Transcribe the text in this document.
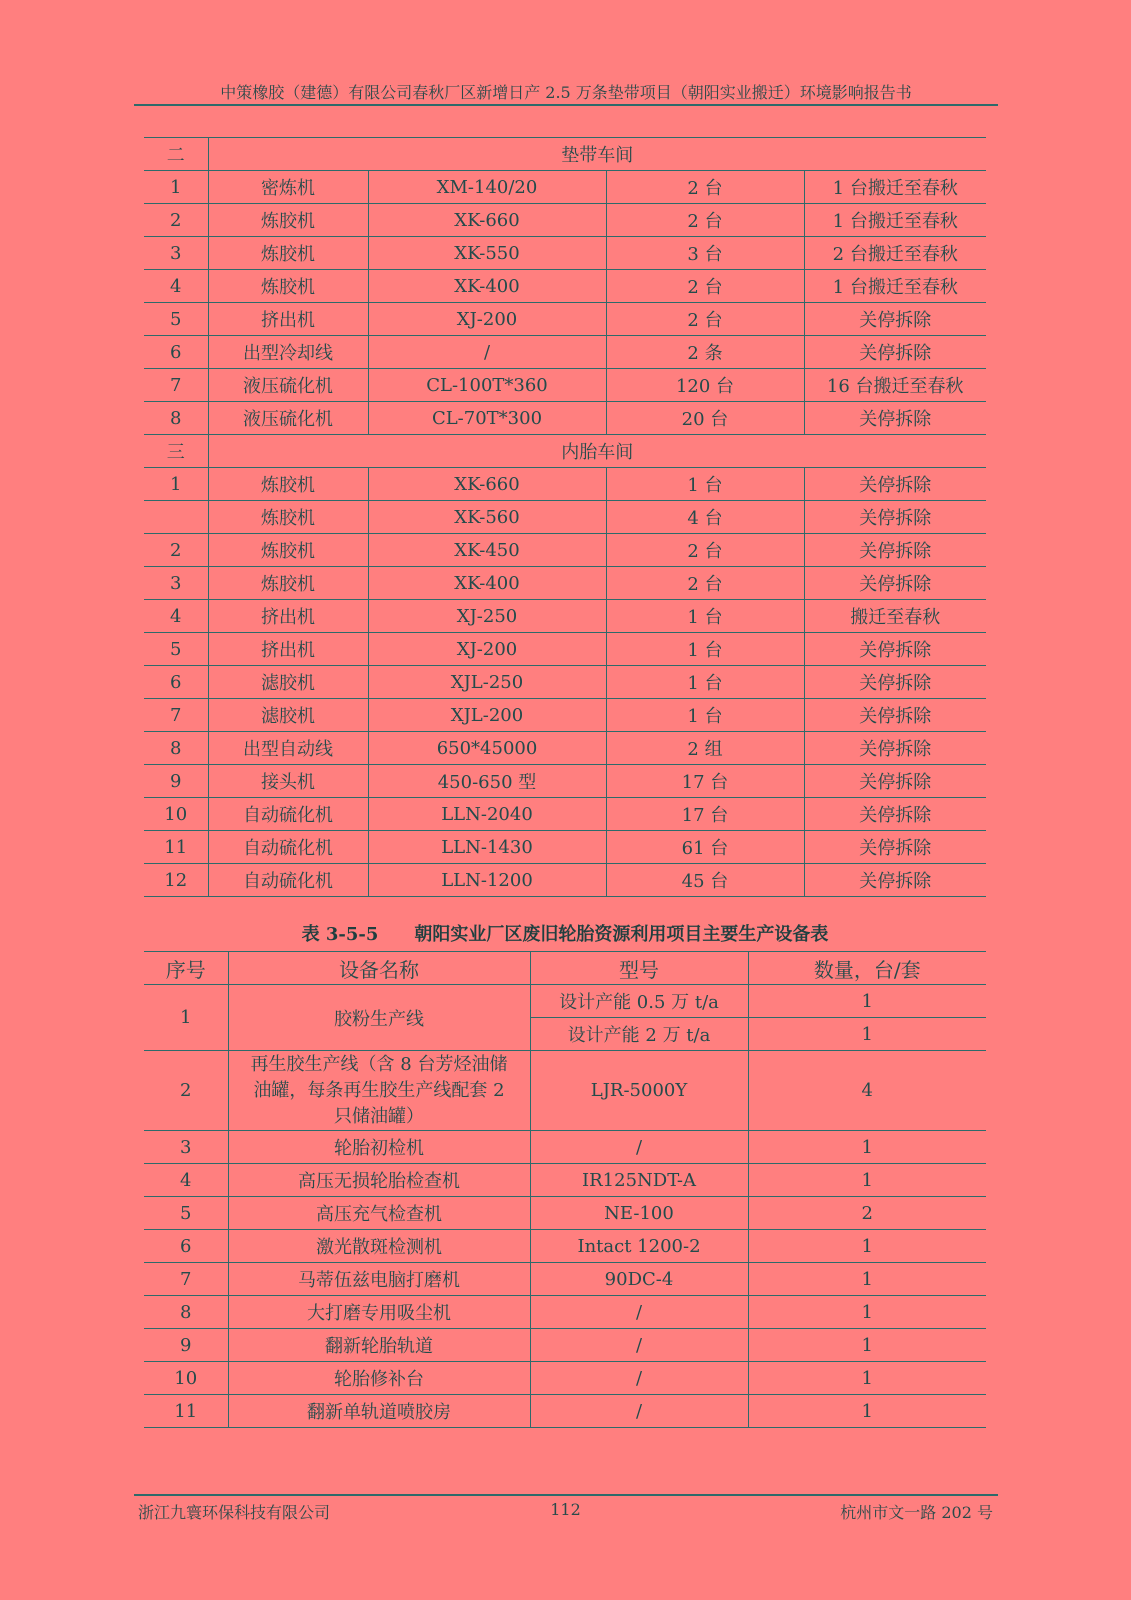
中策橡胶（建德）有限公司春秋厂区新增日产 2.5 万条垫带项目（朝阳实业搬迁）环境影响报告书
二	垫带车间			
1	密炼机	XM-140/20	2 台	1 台搬迁至春秋
2	炼胶机	XK-660	2 台	1 台搬迁至春秋
3	炼胶机	XK-550	3 台	2 台搬迁至春秋
4	炼胶机	XK-400	2 台	1 台搬迁至春秋
5	挤出机	XJ-200	2 台	关停拆除
6	出型冷却线	/	2 条	关停拆除
7	液压硫化机	CL-100T*360	120 台	16 台搬迁至春秋
8	液压硫化机	CL-70T*300	20 台	关停拆除
三	内胎车间			
1	炼胶机	XK-660	1 台	关停拆除
	炼胶机	XK-560	4 台	关停拆除
2	炼胶机	XK-450	2 台	关停拆除
3	炼胶机	XK-400	2 台	关停拆除
4	挤出机	XJ-250	1 台	搬迁至春秋
5	挤出机	XJ-200	1 台	关停拆除
6	滤胶机	XJL-250	1 台	关停拆除
7	滤胶机	XJL-200	1 台	关停拆除
8	出型自动线	650*45000	2 组	关停拆除
9	接头机	450-650 型	17 台	关停拆除
10	自动硫化机	LLN-2040	17 台	关停拆除
11	自动硫化机	LLN-1430	61 台	关停拆除
12	自动硫化机	LLN-1200	45 台	关停拆除
表 3-5-5　　朝阳实业厂区废旧轮胎资源利用项目主要生产设备表
序号	设备名称	型号	数量，台/套
1	胶粉生产线	设计产能 0.5 万 t/a	1
		设计产能 2 万 t/a	1
2	再生胶生产线（含 8 台芳烃油储油罐，每条再生胶生产线配套 2 只储油罐）	LJR-5000Y	4
3	轮胎初检机	/	1
4	高压无损轮胎检查机	IR125NDT-A	1
5	高压充气检查机	NE-100	2
6	激光散斑检测机	Intact 1200-2	1
7	马蒂伍兹电脑打磨机	90DC-4	1
8	大打磨专用吸尘机	/	1
9	翻新轮胎轨道	/	1
10	轮胎修补台	/	1
11	翻新单轨道喷胶房	/	1
浙江九寰环保科技有限公司	112	杭州市文一路 202 号
